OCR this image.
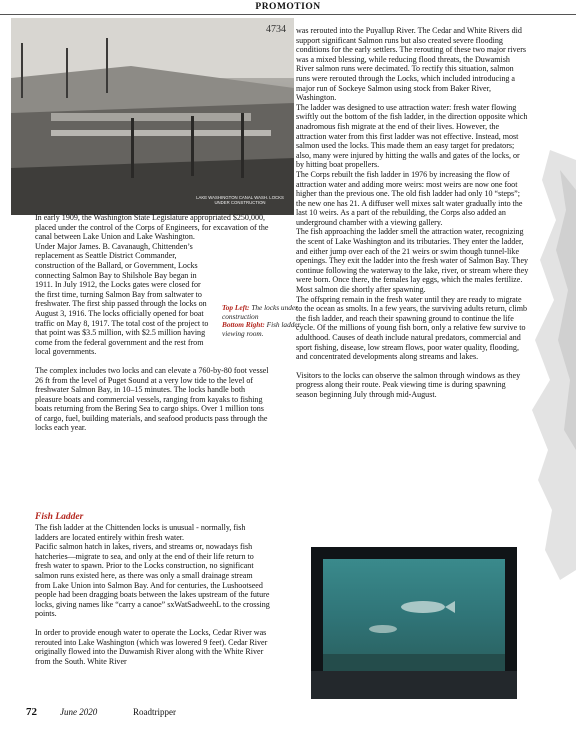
PROMOTION
4734
LAKE WASHINGTON CANAL WASH. LOCKS UNDER CONSTRUCTION

In early 1909, the Washington State Legislature appropriated $250,000, placed under the control of the Corps of Engineers, for excavation of the canal between Lake Union and Lake Washington.

Under Major James. B. Cavanaugh, Chittenden’s replacement as Seattle District Commander, construction of the Ballard, or Government, Locks connecting Salmon Bay to Shilshole Bay began in 1911. In July 1912, the Locks gates were closed for the first time, turning Salmon Bay from saltwater to freshwater. The first ship passed through the locks on August 3, 1916. The locks officially opened for boat traffic on May 8, 1917. The total cost of the project to that point was $3.5 million, with $2.5 million having come from the federal government and the rest from local governments.

The complex includes two locks and can elevate a 760-by-80 foot vessel 26 ft from the level of Puget Sound at a very low tide to the level of freshwater Salmon Bay, in 10–15 minutes. The locks handle both pleasure boats and commercial vessels, ranging from kayaks to fishing boats returning from the Bering Sea to cargo ships. Over 1 million tons of cargo, fuel, building materials, and seafood products pass through the locks each year.

Fish Ladder

The fish ladder at the Chittenden locks is unusual - normally, fish ladders are located entirely within fresh water.

Pacific salmon hatch in lakes, rivers, and streams or, nowadays fish hatcheries—migrate to sea, and only at the end of their life return to fresh water to spawn. Prior to the Locks construction, no significant salmon runs existed here, as there was only a small drainage stream from Lake Union into Salmon Bay. And for centuries, the Lushootseed people had been dragging boats between the lakes upstream of the future locks, giving names like “carry a canoe” sxWatSadweehL to the crossing points.

In order to provide enough water to operate the Locks, Cedar River was rerouted into Lake Washington (which was lowered 9 feet). Cedar River originally flowed into the Duwamish River along with the White River from the South. White River

was rerouted into the Puyallup River. The Cedar and White Rivers did support significant Salmon runs but also created severe flooding conditions for the early settlers. The rerouting of these two major rivers was a mixed blessing, while reducing flood threats, the Duwamish River salmon runs were decimated. To rectify this situation, salmon runs were rerouted through the Locks, which included introducing a major run of Sockeye Salmon using stock from Baker River, Washington.

The ladder was designed to use attraction water: fresh water flowing swiftly out the bottom of the fish ladder, in the direction opposite which anadromous fish migrate at the end of their lives. However, the attraction water from this first ladder was not effective. Instead, most salmon used the locks. This made them an easy target for predators; also, many were injured by hitting the walls and gates of the locks, or by hitting boat propellers.

The Corps rebuilt the fish ladder in 1976 by increasing the flow of attraction water and adding more weirs: most weirs are now one foot higher than the previous one. The old fish ladder had only 10 “steps”; the new one has 21. A diffuser well mixes salt water gradually into the last 10 weirs. As a part of the rebuilding, the Corps also added an underground chamber with a viewing gallery.

The fish approaching the ladder smell the attraction water, recognizing the scent of Lake Washington and its tributaries. They enter the ladder, and either jump over each of the 21 weirs or swim though tunnel-like openings. They exit the ladder into the fresh water of Salmon Bay. They continue following the waterway to the lake, river, or stream where they were born. Once there, the females lay eggs, which the males fertilize. Most salmon die shortly after spawning.

The offspring remain in the fresh water until they are ready to migrate to the ocean as smolts. In a few years, the surviving adults return, climb the fish ladder, and reach their spawning ground to continue the life cycle. Of the millions of young fish born, only a relative few survive to adulthood. Causes of death include natural predators, commercial and sport fishing, disease, low stream flows, poor water quality, flooding, and concentrated developments along streams and lakes.

Visitors to the locks can observe the salmon through windows as they progress along their route. Peak viewing time is during spawning season beginning July through mid-August.

Top Left: The locks under construction
Bottom Right: Fish ladder viewing room.
72	June 2020	Roadtripper
